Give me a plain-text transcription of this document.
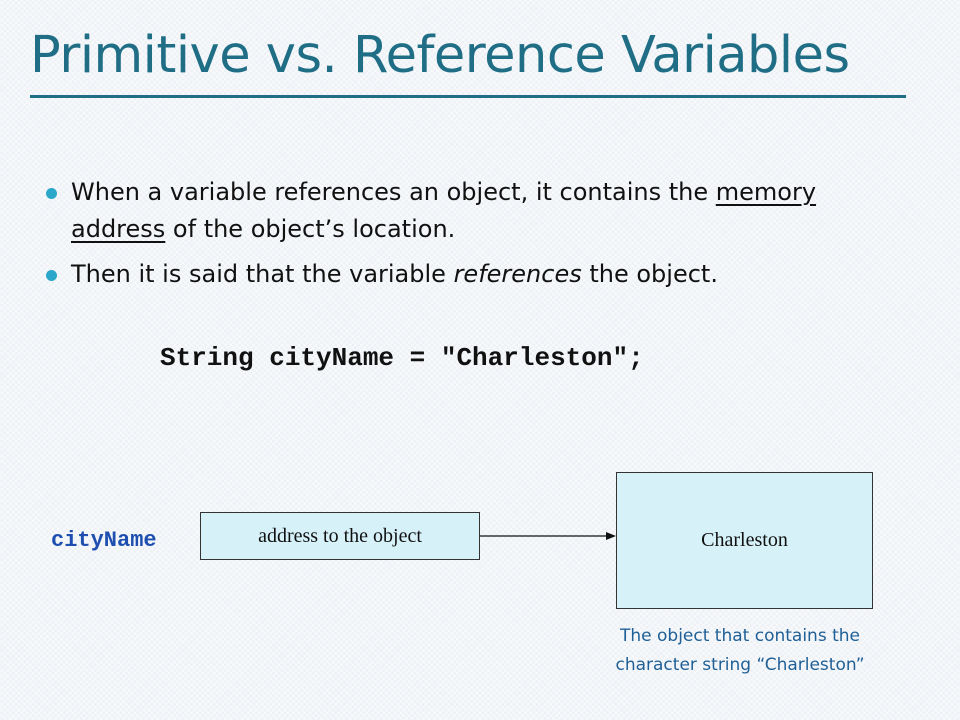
Primitive vs. Reference Variables
When a variable references an object, it contains the memory
address of the object’s location.
Then it is said that the variable references the object.
String cityName = "Charleston";
cityName	address to the object	Charleston
The object that contains the
character string “Charleston”
